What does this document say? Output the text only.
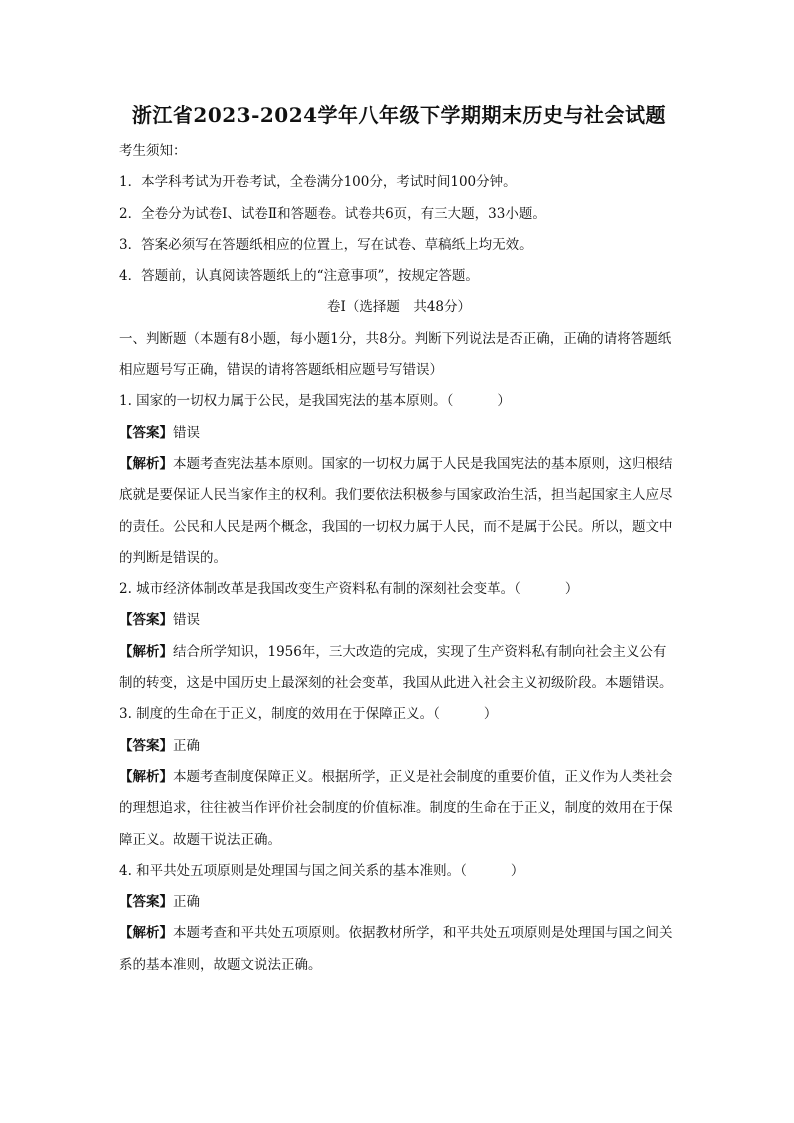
浙江省2023-2024学年八年级下学期期末历史与社会试题
考生须知：
1．本学科考试为开卷考试，全卷满分100分，考试时间100分钟。
2．全卷分为试卷Ⅰ、试卷Ⅱ和答题卷。试卷共6页，有三大题，33小题。
3．答案必须写在答题纸相应的位置上，写在试卷、草稿纸上均无效。
4．答题前，认真阅读答题纸上的“注意事项”，按规定答题。
卷Ⅰ（选择题　共48分）
一、判断题（本题有8小题，每小题1分，共8分。判断下列说法是否正确，正确的请将答题纸相应题号写正确，错误的请将答题纸相应题号写错误）
1. 国家的一切权力属于公民，是我国宪法的基本原则。（	）
【答案】错误
【解析】本题考查宪法基本原则。国家的一切权力属于人民是我国宪法的基本原则，这归根结底就是要保证人民当家作主的权利。我们要依法积极参与国家政治生活，担当起国家主人应尽的责任。公民和人民是两个概念，我国的一切权力属于人民，而不是属于公民。所以，题文中的判断是错误的。
2. 城市经济体制改革是我国改变生产资料私有制的深刻社会变革。（	）
【答案】错误
【解析】结合所学知识，1956年，三大改造的完成，实现了生产资料私有制向社会主义公有制的转变，这是中国历史上最深刻的社会变革，我国从此进入社会主义初级阶段。本题错误。
3. 制度的生命在于正义，制度的效用在于保障正义。（	）
【答案】正确
【解析】本题考查制度保障正义。根据所学，正义是社会制度的重要价值，正义作为人类社会的理想追求，往往被当作评价社会制度的价值标准。制度的生命在于正义，制度的效用在于保障正义。故题干说法正确。
4. 和平共处五项原则是处理国与国之间关系的基本准则。（	）
【答案】正确
【解析】本题考查和平共处五项原则。依据教材所学，和平共处五项原则是处理国与国之间关系的基本准则，故题文说法正确。
